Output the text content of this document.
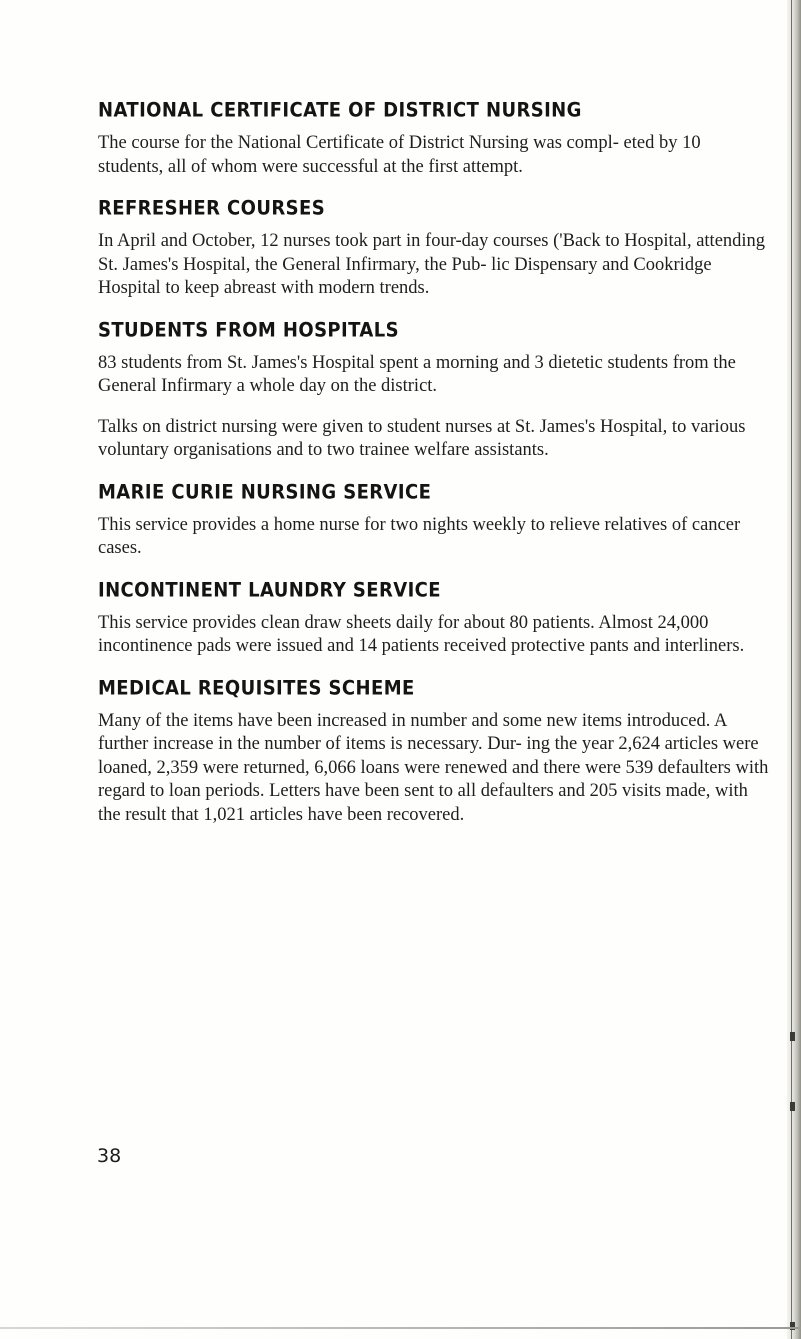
NATIONAL CERTIFICATE OF DISTRICT NURSING

The course for the National Certificate of District Nursing was compl- eted by 10 students, all of whom were successful at the first attempt.

REFRESHER COURSES

In April and October, 12 nurses took part in four-day courses ('Back to Hospital, attending St. James's Hospital, the General Infirmary, the Pub- lic Dispensary and Cookridge Hospital to keep abreast with modern trends.

STUDENTS FROM HOSPITALS

83 students from St. James's Hospital spent a morning and 3 dietetic students from the General Infirmary a whole day on the district.

Talks on district nursing were given to student nurses at St. James's Hospital, to various voluntary organisations and to two trainee welfare assistants.

MARIE CURIE NURSING SERVICE

This service provides a home nurse for two nights weekly to relieve relatives of cancer cases.

INCONTINENT LAUNDRY SERVICE

This service provides clean draw sheets daily for about 80 patients. Almost 24,000 incontinence pads were issued and 14 patients received protective pants and interliners.

MEDICAL REQUISITES SCHEME

Many of the items have been increased in number and some new items introduced. A further increase in the number of items is necessary. Dur- ing the year 2,624 articles were loaned, 2,359 were returned, 6,066 loans were renewed and there were 539 defaulters with regard to loan periods. Letters have been sent to all defaulters and 205 visits made, with the result that 1,021 articles have been recovered.

38
